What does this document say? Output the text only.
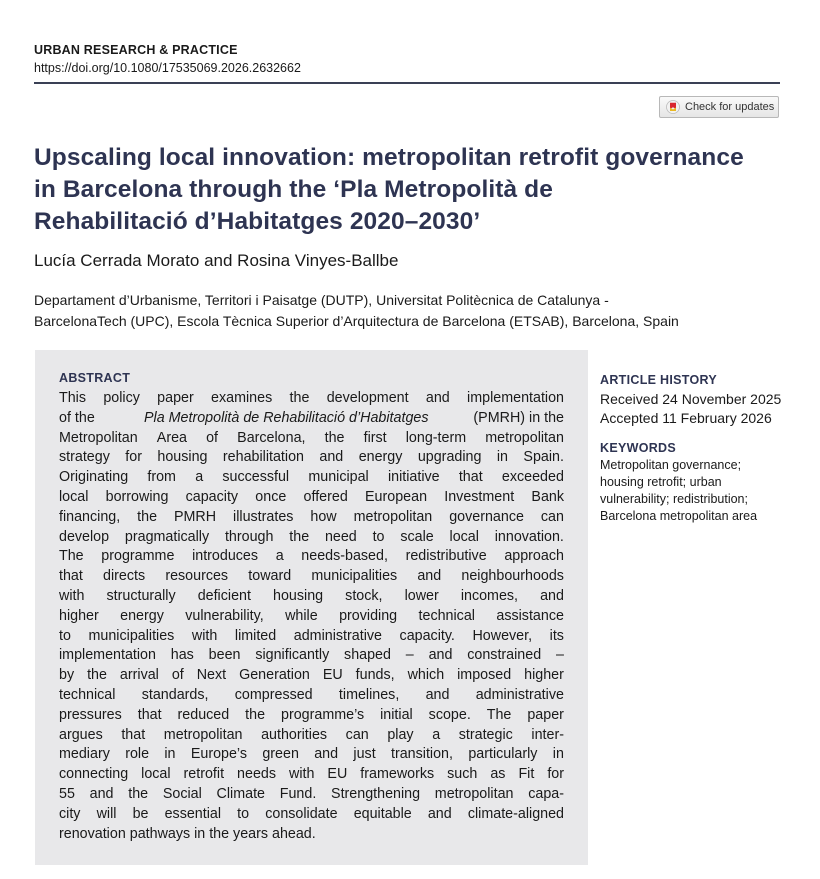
URBAN RESEARCH & PRACTICE
https://doi.org/10.1080/17535069.2026.2632662
Check for updates
Upscaling local innovation: metropolitan retrofit governance
in Barcelona through the ‘Pla Metropolità de
Rehabilitació d’Habitatges 2020–2030’
Lucía Cerrada Morato and Rosina Vinyes-Ballbe
Departament d’Urbanisme, Territori i Paisatge (DUTP), Universitat Politècnica de Catalunya -
BarcelonaTech (UPC), Escola Tècnica Superior d’Arquitectura de Barcelona (ETSAB), Barcelona, Spain
ABSTRACT
This policy paper examines the development and implementation
of the	Pla Metropolità de Rehabilitació d’Habitatges	(PMRH) in the
Metropolitan Area of Barcelona, the first long-term metropolitan
strategy for housing rehabilitation and energy upgrading in Spain.
Originating from a successful municipal initiative that exceeded
local borrowing capacity once offered European Investment Bank
financing, the PMRH illustrates how metropolitan governance can
develop pragmatically through the need to scale local innovation.
The programme introduces a needs-based, redistributive approach
that directs resources toward municipalities and neighbourhoods
with structurally deficient housing stock, lower incomes, and
higher energy vulnerability, while providing technical assistance
to municipalities with limited administrative capacity. However, its
implementation has been significantly shaped – and constrained –
by the arrival of Next Generation EU funds, which imposed higher
technical standards, compressed timelines, and administrative
pressures that reduced the programme’s initial scope. The paper
argues that metropolitan authorities can play a strategic inter-
mediary role in Europe’s green and just transition, particularly in
connecting local retrofit needs with EU frameworks such as Fit for
55 and the Social Climate Fund. Strengthening metropolitan capa-
city will be essential to consolidate equitable and climate-aligned
renovation pathways in the years ahead.
ARTICLE HISTORY
Received 24 November 2025
Accepted 11 February 2026
KEYWORDS
Metropolitan governance;
housing retrofit; urban
vulnerability; redistribution;
Barcelona metropolitan area
